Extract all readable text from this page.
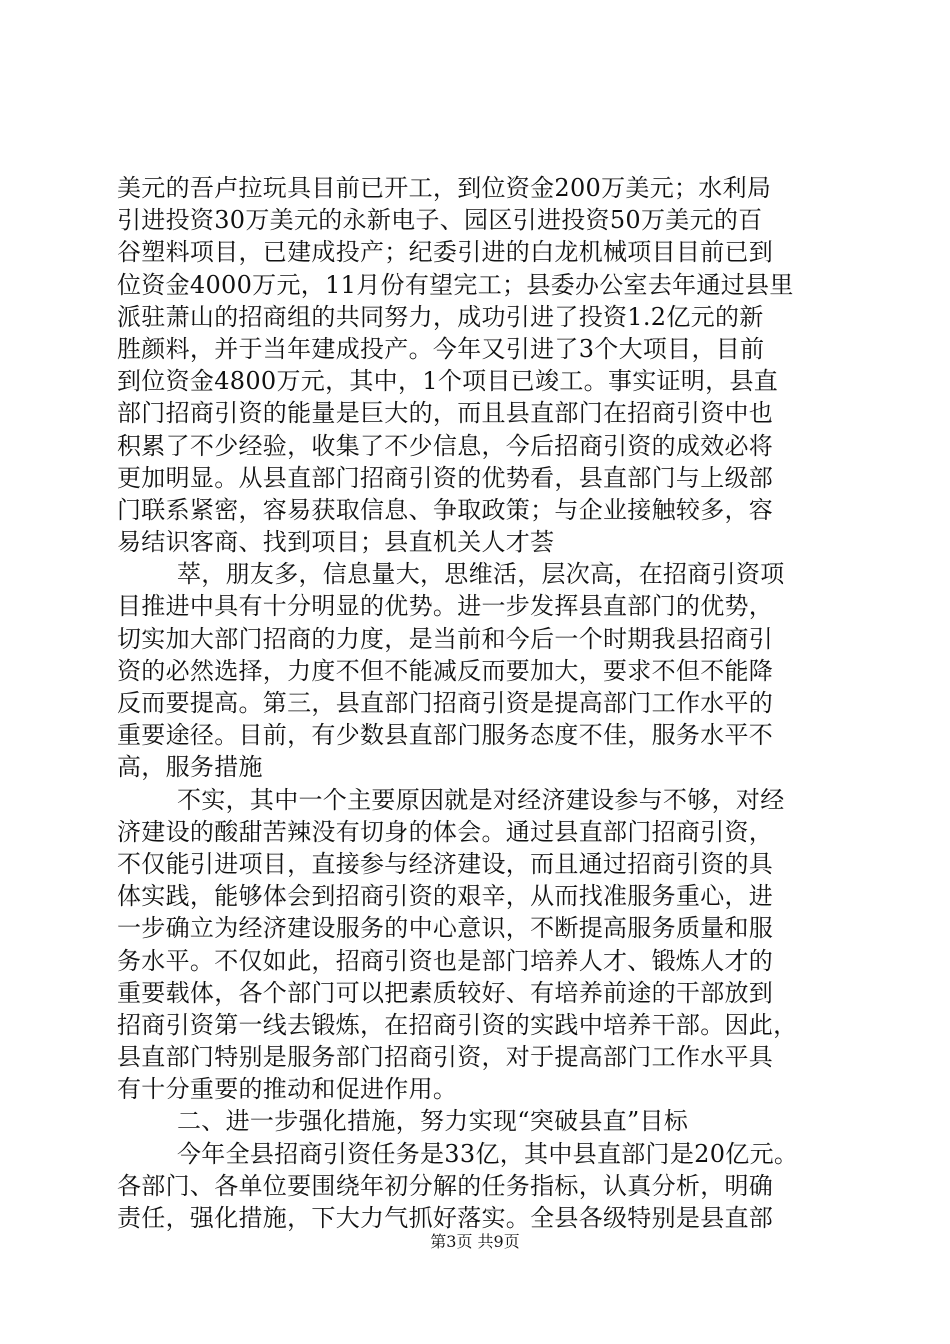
美元的吾卢拉玩具目前已开工，到位资金200万美元；水利局
引进投资30万美元的永新电子、园区引进投资50万美元的百
谷塑料项目，已建成投产；纪委引进的白龙机械项目目前已到
位资金4000万元，11月份有望完工；县委办公室去年通过县里
派驻萧山的招商组的共同努力，成功引进了投资1.2亿元的新
胜颜料，并于当年建成投产。今年又引进了3个大项目，目前
到位资金4800万元，其中，1个项目已竣工。事实证明，县直
部门招商引资的能量是巨大的，而且县直部门在招商引资中也
积累了不少经验，收集了不少信息，今后招商引资的成效必将
更加明显。从县直部门招商引资的优势看，县直部门与上级部
门联系紧密，容易获取信息、争取政策；与企业接触较多，容
易结识客商、找到项目；县直机关人才荟
萃，朋友多，信息量大，思维活，层次高，在招商引资项
目推进中具有十分明显的优势。进一步发挥县直部门的优势，
切实加大部门招商的力度，是当前和今后一个时期我县招商引
资的必然选择，力度不但不能减反而要加大，要求不但不能降
反而要提高。第三，县直部门招商引资是提高部门工作水平的
重要途径。目前，有少数县直部门服务态度不佳，服务水平不
高，服务措施
不实，其中一个主要原因就是对经济建设参与不够，对经
济建设的酸甜苦辣没有切身的体会。通过县直部门招商引资，
不仅能引进项目，直接参与经济建设，而且通过招商引资的具
体实践，能够体会到招商引资的艰辛，从而找准服务重心，进
一步确立为经济建设服务的中心意识，不断提高服务质量和服
务水平。不仅如此，招商引资也是部门培养人才、锻炼人才的
重要载体，各个部门可以把素质较好、有培养前途的干部放到
招商引资第一线去锻炼，在招商引资的实践中培养干部。因此，
县直部门特别是服务部门招商引资，对于提高部门工作水平具
有十分重要的推动和促进作用。
二、进一步强化措施，努力实现“突破县直”目标
今年全县招商引资任务是33亿，其中县直部门是20亿元。
各部门、各单位要围绕年初分解的任务指标，认真分析，明确
责任，强化措施，下大力气抓好落实。全县各级特别是县直部
第3页 共9页
